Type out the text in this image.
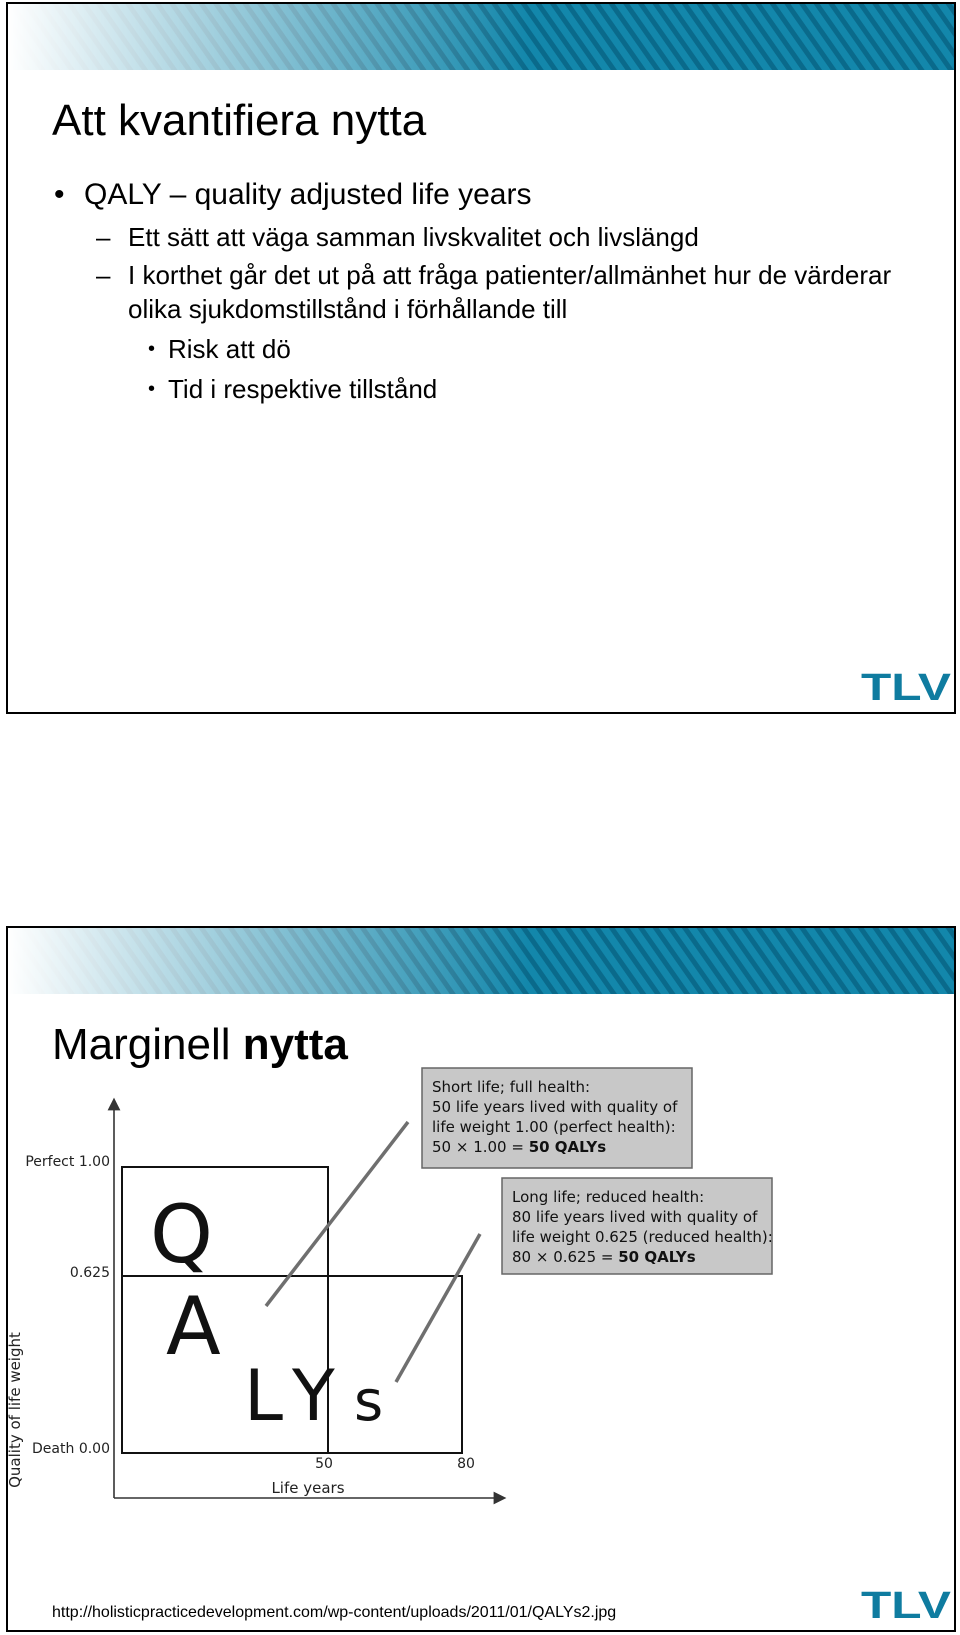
Att kvantifiera nytta
• QALY – quality adjusted life years
– Ett sätt att väga samman livskvalitet och livslängd
– I korthet går det ut på att fråga patienter/allmänhet hur de värderar olika sjukdomstillstånd i förhållande till
• Risk att dö
• Tid i respektive tillstånd
TLV
Marginell nytta
Quality of life weight
Perfect 1.00
0.625
Death 0.00
50	80
Life years
Q
A
L Y s
Short life; full health:
50 life years lived with quality of
life weight 1.00 (perfect health):
50 × 1.00 = 50 QALYs
Long life; reduced health:
80 life years lived with quality of
life weight 0.625 (reduced health):
80 × 0.625 = 50 QALYs
http://holisticpracticedevelopment.com/wp-content/uploads/2011/01/QALYs2.jpg	TLV
